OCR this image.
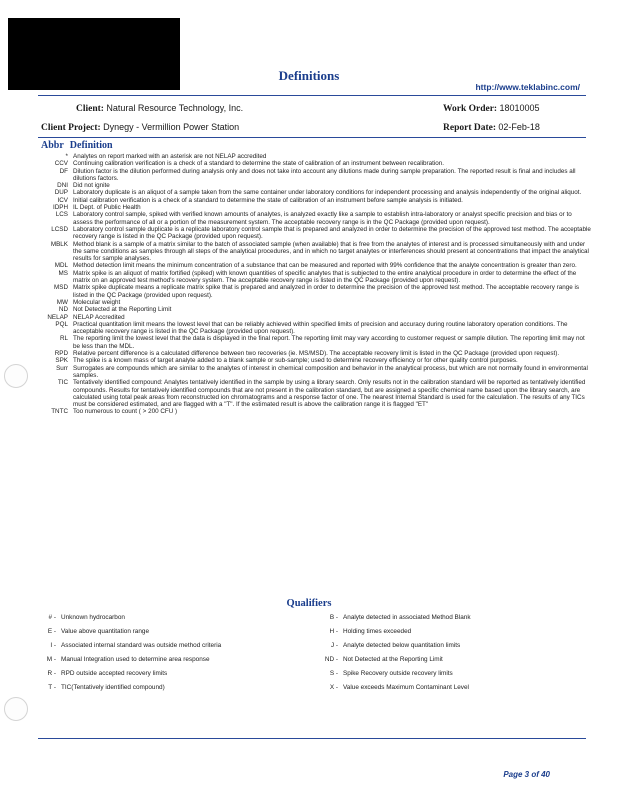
Definitions
http://www.teklabinc.com/
Client: Natural Resource Technology, Inc.	Work Order: 18010005
Client Project: Dynegy - Vermillion Power Station	Report Date: 02-Feb-18
Abbr Definition
* Analytes on report marked with an asterisk are not NELAP accredited
CCV Continuing calibration verification is a check of a standard to determine the state of calibration of an instrument between recalibration.
DF Dilution factor is the dilution performed during analysis only and does not take into account any dilutions made during sample preparation. The reported result is final and includes all dilutions factors.
DNI Did not ignite
DUP Laboratory duplicate is an aliquot of a sample taken from the same container under laboratory conditions for independent processing and analysis independently of the original aliquot.
ICV Initial calibration verification is a check of a standard to determine the state of calibration of an instrument before sample analysis is initiated.
IDPH IL Dept. of Public Health
LCS Laboratory control sample, spiked with verified known amounts of analytes, is analyzed exactly like a sample to establish intra-laboratory or analyst specific precision and bias or to assess the performance of all or a portion of the measurement system. The acceptable recovery range is in the QC Package (provided upon request).
LCSD Laboratory control sample duplicate is a replicate laboratory control sample that is prepared and analyzed in order to determine the precision of the approved test method. The acceptable recovery range is listed in the QC Package (provided upon request).
MBLK Method blank is a sample of a matrix similar to the batch of associated sample (when available) that is free from the analytes of interest and is processed simultaneously with and under the same conditions as samples through all steps of the analytical procedures, and in which no target analytes or interferences should present at concentrations that impact the analytical results for sample analyses.
MDL Method detection limit means the minimum concentration of a substance that can be measured and reported with 99% confidence that the analyte concentration is greater than zero.
MS Matrix spike is an aliquot of matrix fortified (spiked) with known quantities of specific analytes that is subjected to the entire analytical procedure in order to determine the effect of the matrix on an approved test method's recovery system. The acceptable recovery range is listed in the QC Package (provided upon request).
MSD Matrix spike duplicate means a replicate matrix spike that is prepared and analyzed in order to determine the precision of the approved test method. The acceptable recovery range is listed in the QC Package (provided upon request).
MW Molecular weight
ND Not Detected at the Reporting Limit
NELAP NELAP Accredited
PQL Practical quantitation limit means the lowest level that can be reliably achieved within specified limits of precision and accuracy during routine laboratory operation conditions. The acceptable recovery range is listed in the QC Package (provided upon request).
RL The reporting limit the lowest level that the data is displayed in the final report. The reporting limit may vary according to customer request or sample dilution. The reporting limit may not be less than the MDL.
RPD Relative percent difference is a calculated difference between two recoveries (ie. MS/MSD). The acceptable recovery limit is listed in the QC Package (provided upon request).
SPK The spike is a known mass of target analyte added to a blank sample or sub-sample; used to determine recovery efficiency or for other quality control purposes.
Surr Surrogates are compounds which are similar to the analytes of interest in chemical composition and behavior in the analytical process, but which are not normally found in environmental samples.
TIC Tentatively identified compound: Analytes tentatively identified in the sample by using a library search. Only results not in the calibration standard will be reported as tentatively identified compounds. Results for tentatively identified compounds that are not present in the calibration standard, but are assigned a specific chemical name based upon the library search, are calculated using total peak areas from reconstructed ion chromatograms and a response factor of one. The nearest Internal Standard is used for the calculation. The results of any TICs must be considered estimated, and are flagged with a "T". If the estimated result is above the calibration range it is flagged "ET"
TNTC Too numerous to count ( > 200 CFU )
Qualifiers
# - Unknown hydrocarbon
E - Value above quantitation range
I - Associated internal standard was outside method criteria
M - Manual Integration used to determine area response
R - RPD outside accepted recovery limits
T - TIC(Tentatively identified compound)
B - Analyte detected in associated Method Blank
H - Holding times exceeded
J - Analyte detected below quantitation limits
ND - Not Detected at the Reporting Limit
S - Spike Recovery outside recovery limits
X - Value exceeds Maximum Contaminant Level
Page 3 of 40
